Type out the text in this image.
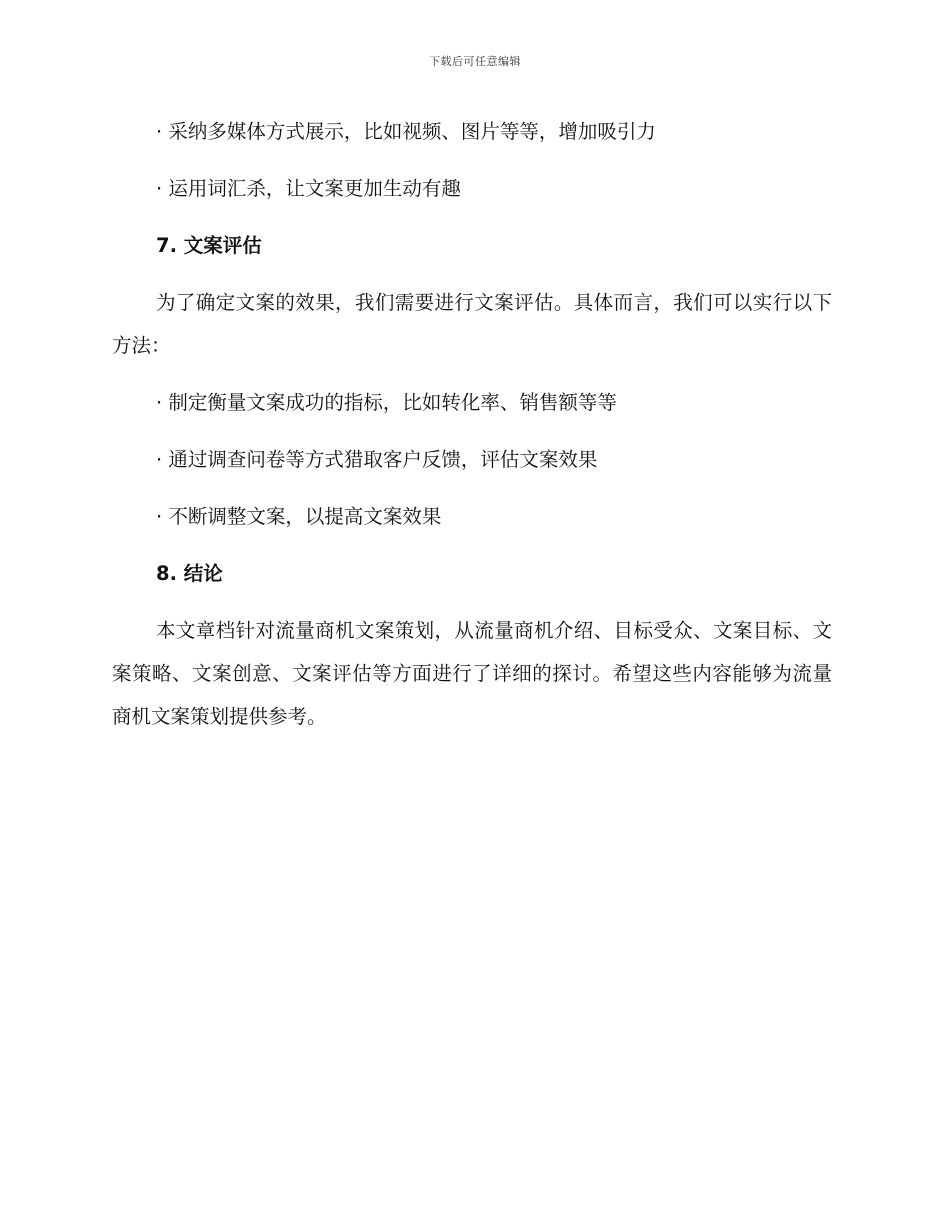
下载后可任意编辑
· 采纳多媒体方式展示，比如视频、图片等等，增加吸引力
· 运用词汇杀，让文案更加生动有趣
7. 文案评估
为了确定文案的效果，我们需要进行文案评估。具体而言，我们可以实行以下方法：
· 制定衡量文案成功的指标，比如转化率、销售额等等
· 通过调查问卷等方式猎取客户反馈，评估文案效果
· 不断调整文案，以提高文案效果
8. 结论
本文章档针对流量商机文案策划，从流量商机介绍、目标受众、文案目标、文案策略、文案创意、文案评估等方面进行了详细的探讨。希望这些内容能够为流量商机文案策划提供参考。
